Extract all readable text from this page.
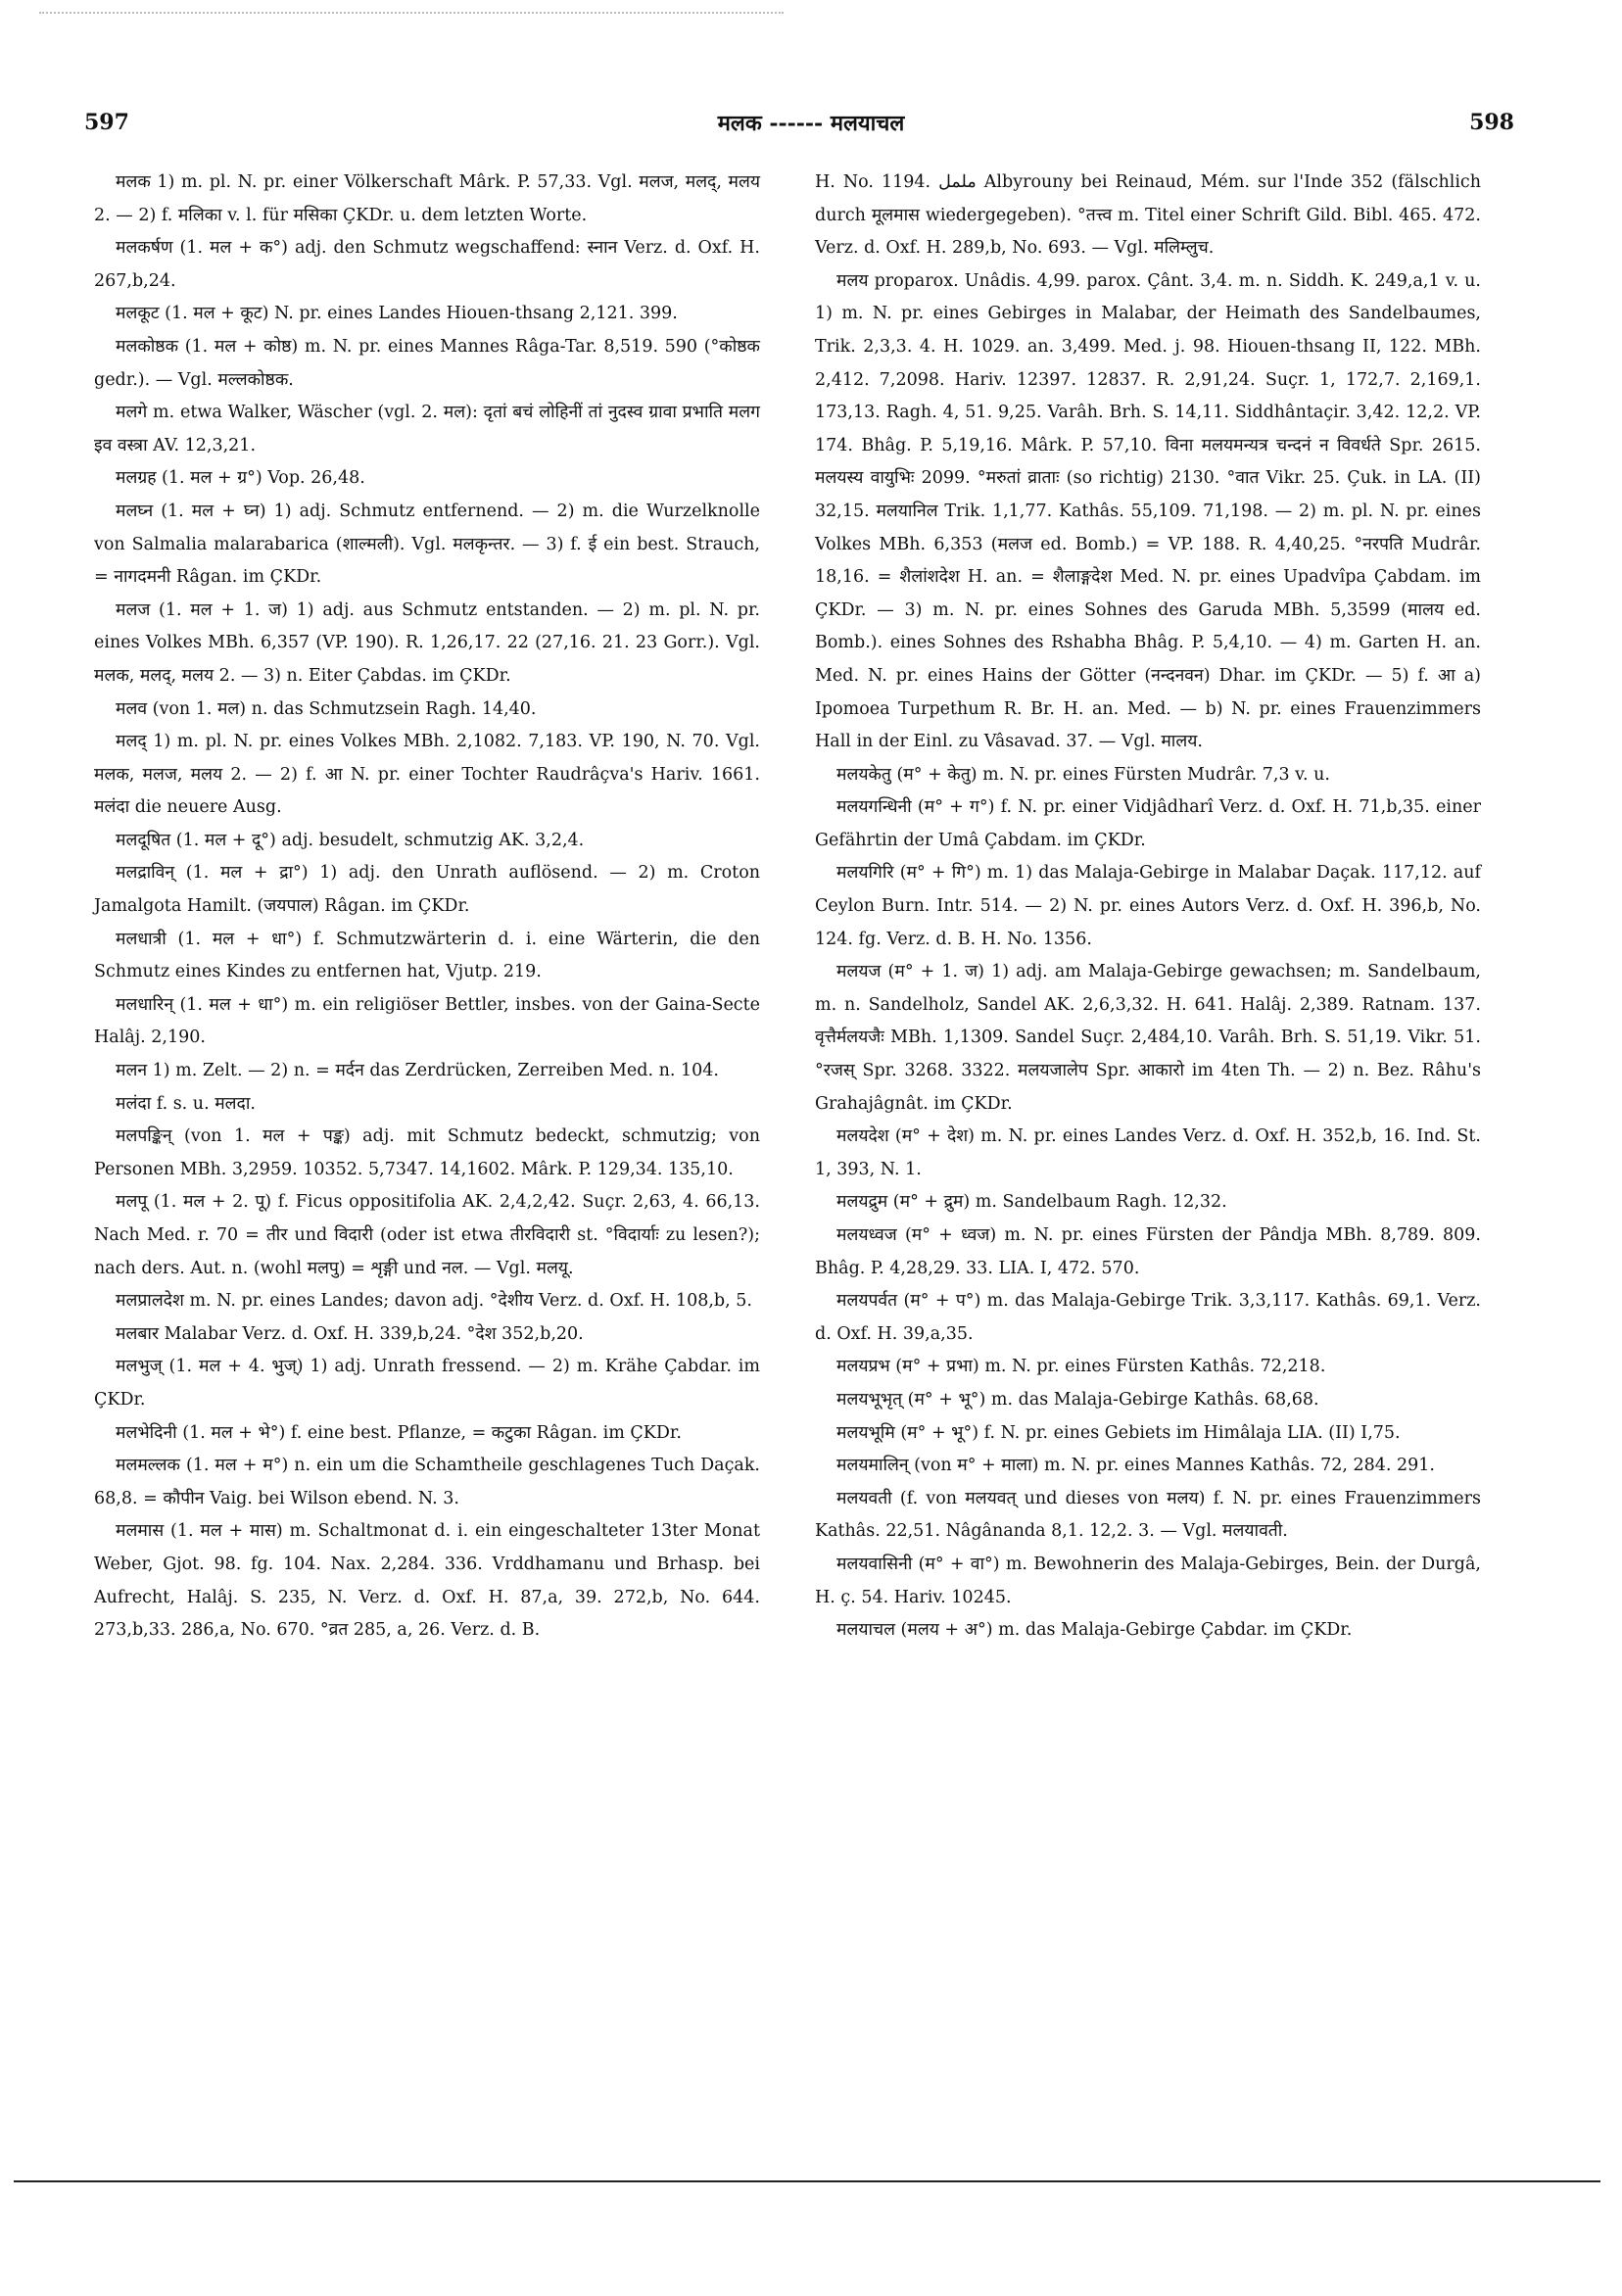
597	मलक ------ मलयाचल	598

मलक 1) m. pl. N. pr. einer Völkerschaft Mârk. P. 57,33. Vgl. मलज, मलद्, मलय 2. — 2) f. मलिका v. l. für मसिका ÇKDr. u. dem letzten Worte.

मलकर्षण (1. मल + क°) adj. den Schmutz wegschaffend: स्नान Verz. d. Oxf. H. 267,b,24.

मलकूट (1. मल + कूट) N. pr. eines Landes Hiouen-thsang 2,121. 399.

मलकोष्ठक (1. मल + कोष्ठ) m. N. pr. eines Mannes Râga-Tar. 8,519. 590 (°कोष्ठक gedr.). — Vgl. मल्लकोष्ठक.

मलगे m. etwa Walker, Wäscher (vgl. 2. मल): दृतां बचं लोहिनीं तां नुदस्व ग्रावा प्रभाति मलग इव वस्त्रा AV. 12,3,21.

मलग्रह (1. मल + ग्र°) Vop. 26,48.

मलघ्न (1. मल + घ्न) 1) adj. Schmutz entfernend. — 2) m. die Wurzelknolle von Salmalia malarabarica (शाल्मली). Vgl. मलकृन्तर. — 3) f. ई ein best. Strauch, = नागदमनी Râgan. im ÇKDr.

मलज (1. मल + 1. ज) 1) adj. aus Schmutz entstanden. — 2) m. pl. N. pr. eines Volkes MBh. 6,357 (VP. 190). R. 1,26,17. 22 (27,16. 21. 23 Gorr.). Vgl. मलक, मलद्, मलय 2. — 3) n. Eiter Çabdas. im ÇKDr.

मलव (von 1. मल) n. das Schmutzsein Ragh. 14,40.

मलद् 1) m. pl. N. pr. eines Volkes MBh. 2,1082. 7,183. VP. 190, N. 70. Vgl. मलक, मलज, मलय 2. — 2) f. आ N. pr. einer Tochter Raudrâçva's Hariv. 1661. मलंदा die neuere Ausg.

मलदूषित (1. मल + दू°) adj. besudelt, schmutzig AK. 3,2,4.

मलद्राविन् (1. मल + द्रा°) 1) adj. den Unrath auflösend. — 2) m. Croton Jamalgota Hamilt. (जयपाल) Râgan. im ÇKDr.

मलधात्री (1. मल + धा°) f. Schmutzwärterin d. i. eine Wärterin, die den Schmutz eines Kindes zu entfernen hat, Vjutp. 219.

मलधारिन् (1. मल + धा°) m. ein religiöser Bettler, insbes. von der Gaina-Secte Halâj. 2,190.

मलन 1) m. Zelt. — 2) n. = मर्दन das Zerdrücken, Zerreiben Med. n. 104.

मलंदा f. s. u. मलदा.

मलपङ्किन् (von 1. मल + पङ्क) adj. mit Schmutz bedeckt, schmutzig; von Personen MBh. 3,2959. 10352. 5,7347. 14,1602. Mârk. P. 129,34. 135,10.

मलपू (1. मल + 2. पू) f. Ficus oppositifolia AK. 2,4,2,42. Suçr. 2,63, 4. 66,13. Nach Med. r. 70 = तीर und विदारी (oder ist etwa तीरविदारी st. °विदार्याः zu lesen?); nach ders. Aut. n. (wohl मलपु) = शृङ्गी und नल. — Vgl. मलयू.

मलप्रालदेश m. N. pr. eines Landes; davon adj. °देशीय Verz. d. Oxf. H. 108,b, 5.

मलबार Malabar Verz. d. Oxf. H. 339,b,24. °देश 352,b,20.

मलभुज् (1. मल + 4. भुज्) 1) adj. Unrath fressend. — 2) m. Krähe Çabdar. im ÇKDr.

मलभेदिनी (1. मल + भे°) f. eine best. Pflanze, = कटुका Râgan. im ÇKDr.

मलमल्लक (1. मल + म°) n. ein um die Schamtheile geschlagenes Tuch Daçak. 68,8. = कौपीन Vaig. bei Wilson ebend. N. 3.

मलमास (1. मल + मास) m. Schaltmonat d. i. ein eingeschalteter 13ter Monat Weber, Gjot. 98. fg. 104. Nax. 2,284. 336. Vrddhamanu und Brhasp. bei Aufrecht, Halâj. S. 235, N. Verz. d. Oxf. H. 87,a, 39. 272,b, No. 644. 273,b,33. 286,a, No. 670. °व्रत 285, a, 26. Verz. d. B.

H. No. 1194. ململ Albyrouny bei Reinaud, Mém. sur l'Inde 352 (fälschlich durch मूलमास wiedergegeben). °तत्त्व m. Titel einer Schrift Gild. Bibl. 465. 472. Verz. d. Oxf. H. 289,b, No. 693. — Vgl. मलिम्लुच.

मलय proparox. Unâdis. 4,99. parox. Çânt. 3,4. m. n. Siddh. K. 249,a,1 v. u. 1) m. N. pr. eines Gebirges in Malabar, der Heimath des Sandelbaumes, Trik. 2,3,3. 4. H. 1029. an. 3,499. Med. j. 98. Hiouen-thsang II, 122. MBh. 2,412. 7,2098. Hariv. 12397. 12837. R. 2,91,24. Suçr. 1, 172,7. 2,169,1. 173,13. Ragh. 4, 51. 9,25. Varâh. Brh. S. 14,11. Siddhântaçir. 3,42. 12,2. VP. 174. Bhâg. P. 5,19,16. Mârk. P. 57,10. विना मलयमन्यत्र चन्दनं न विवर्धते Spr. 2615. मलयस्य वायुभिः 2099. °मरुतां व्राताः (so richtig) 2130. °वात Vikr. 25. Çuk. in LA. (II) 32,15. मलयानिल Trik. 1,1,77. Kathâs. 55,109. 71,198. — 2) m. pl. N. pr. eines Volkes MBh. 6,353 (मलज ed. Bomb.) = VP. 188. R. 4,40,25. °नरपति Mudrâr. 18,16. = शैलांशदेश H. an. = शैलाङ्गदेश Med. N. pr. eines Upadvîpa Çabdam. im ÇKDr. — 3) m. N. pr. eines Sohnes des Garuda MBh. 5,3599 (मालय ed. Bomb.). eines Sohnes des Rshabha Bhâg. P. 5,4,10. — 4) m. Garten H. an. Med. N. pr. eines Hains der Götter (नन्दनवन) Dhar. im ÇKDr. — 5) f. आ a) Ipomoea Turpethum R. Br. H. an. Med. — b) N. pr. eines Frauenzimmers Hall in der Einl. zu Vâsavad. 37. — Vgl. मालय.

मलयकेतु (म° + केतु) m. N. pr. eines Fürsten Mudrâr. 7,3 v. u.

मलयगन्धिनी (म° + ग°) f. N. pr. einer Vidjâdharî Verz. d. Oxf. H. 71,b,35. einer Gefährtin der Umâ Çabdam. im ÇKDr.

मलयगिरि (म° + गि°) m. 1) das Malaja-Gebirge in Malabar Daçak. 117,12. auf Ceylon Burn. Intr. 514. — 2) N. pr. eines Autors Verz. d. Oxf. H. 396,b, No. 124. fg. Verz. d. B. H. No. 1356.

मलयज (म° + 1. ज) 1) adj. am Malaja-Gebirge gewachsen; m. Sandelbaum, m. n. Sandelholz, Sandel AK. 2,6,3,32. H. 641. Halâj. 2,389. Ratnam. 137. वृत्तैर्मलयजैः MBh. 1,1309. Sandel Suçr. 2,484,10. Varâh. Brh. S. 51,19. Vikr. 51. °रजस् Spr. 3268. 3322. मलयजालेप Spr. आकारो im 4ten Th. — 2) n. Bez. Râhu's Grahajâgnât. im ÇKDr.

मलयदेश (म° + देश) m. N. pr. eines Landes Verz. d. Oxf. H. 352,b, 16. Ind. St. 1, 393, N. 1.

मलयद्रुम (म° + द्रुम) m. Sandelbaum Ragh. 12,32.

मलयध्वज (म° + ध्वज) m. N. pr. eines Fürsten der Pândja MBh. 8,789. 809. Bhâg. P. 4,28,29. 33. LIA. I, 472. 570.

मलयपर्वत (म° + प°) m. das Malaja-Gebirge Trik. 3,3,117. Kathâs. 69,1. Verz. d. Oxf. H. 39,a,35.

मलयप्रभ (म° + प्रभा) m. N. pr. eines Fürsten Kathâs. 72,218.

मलयभूभृत् (म° + भू°) m. das Malaja-Gebirge Kathâs. 68,68.

मलयभूमि (म° + भू°) f. N. pr. eines Gebiets im Himâlaja LIA. (II) I,75.

मलयमालिन् (von म° + माला) m. N. pr. eines Mannes Kathâs. 72, 284. 291.

मलयवती (f. von मलयवत् und dieses von मलय) f. N. pr. eines Frauenzimmers Kathâs. 22,51. Nâgânanda 8,1. 12,2. 3. — Vgl. मलयावती.

मलयवासिनी (म° + वा°) m. Bewohnerin des Malaja-Gebirges, Bein. der Durgâ, H. ç. 54. Hariv. 10245.

मलयाचल (मलय + अ°) m. das Malaja-Gebirge Çabdar. im ÇKDr.
